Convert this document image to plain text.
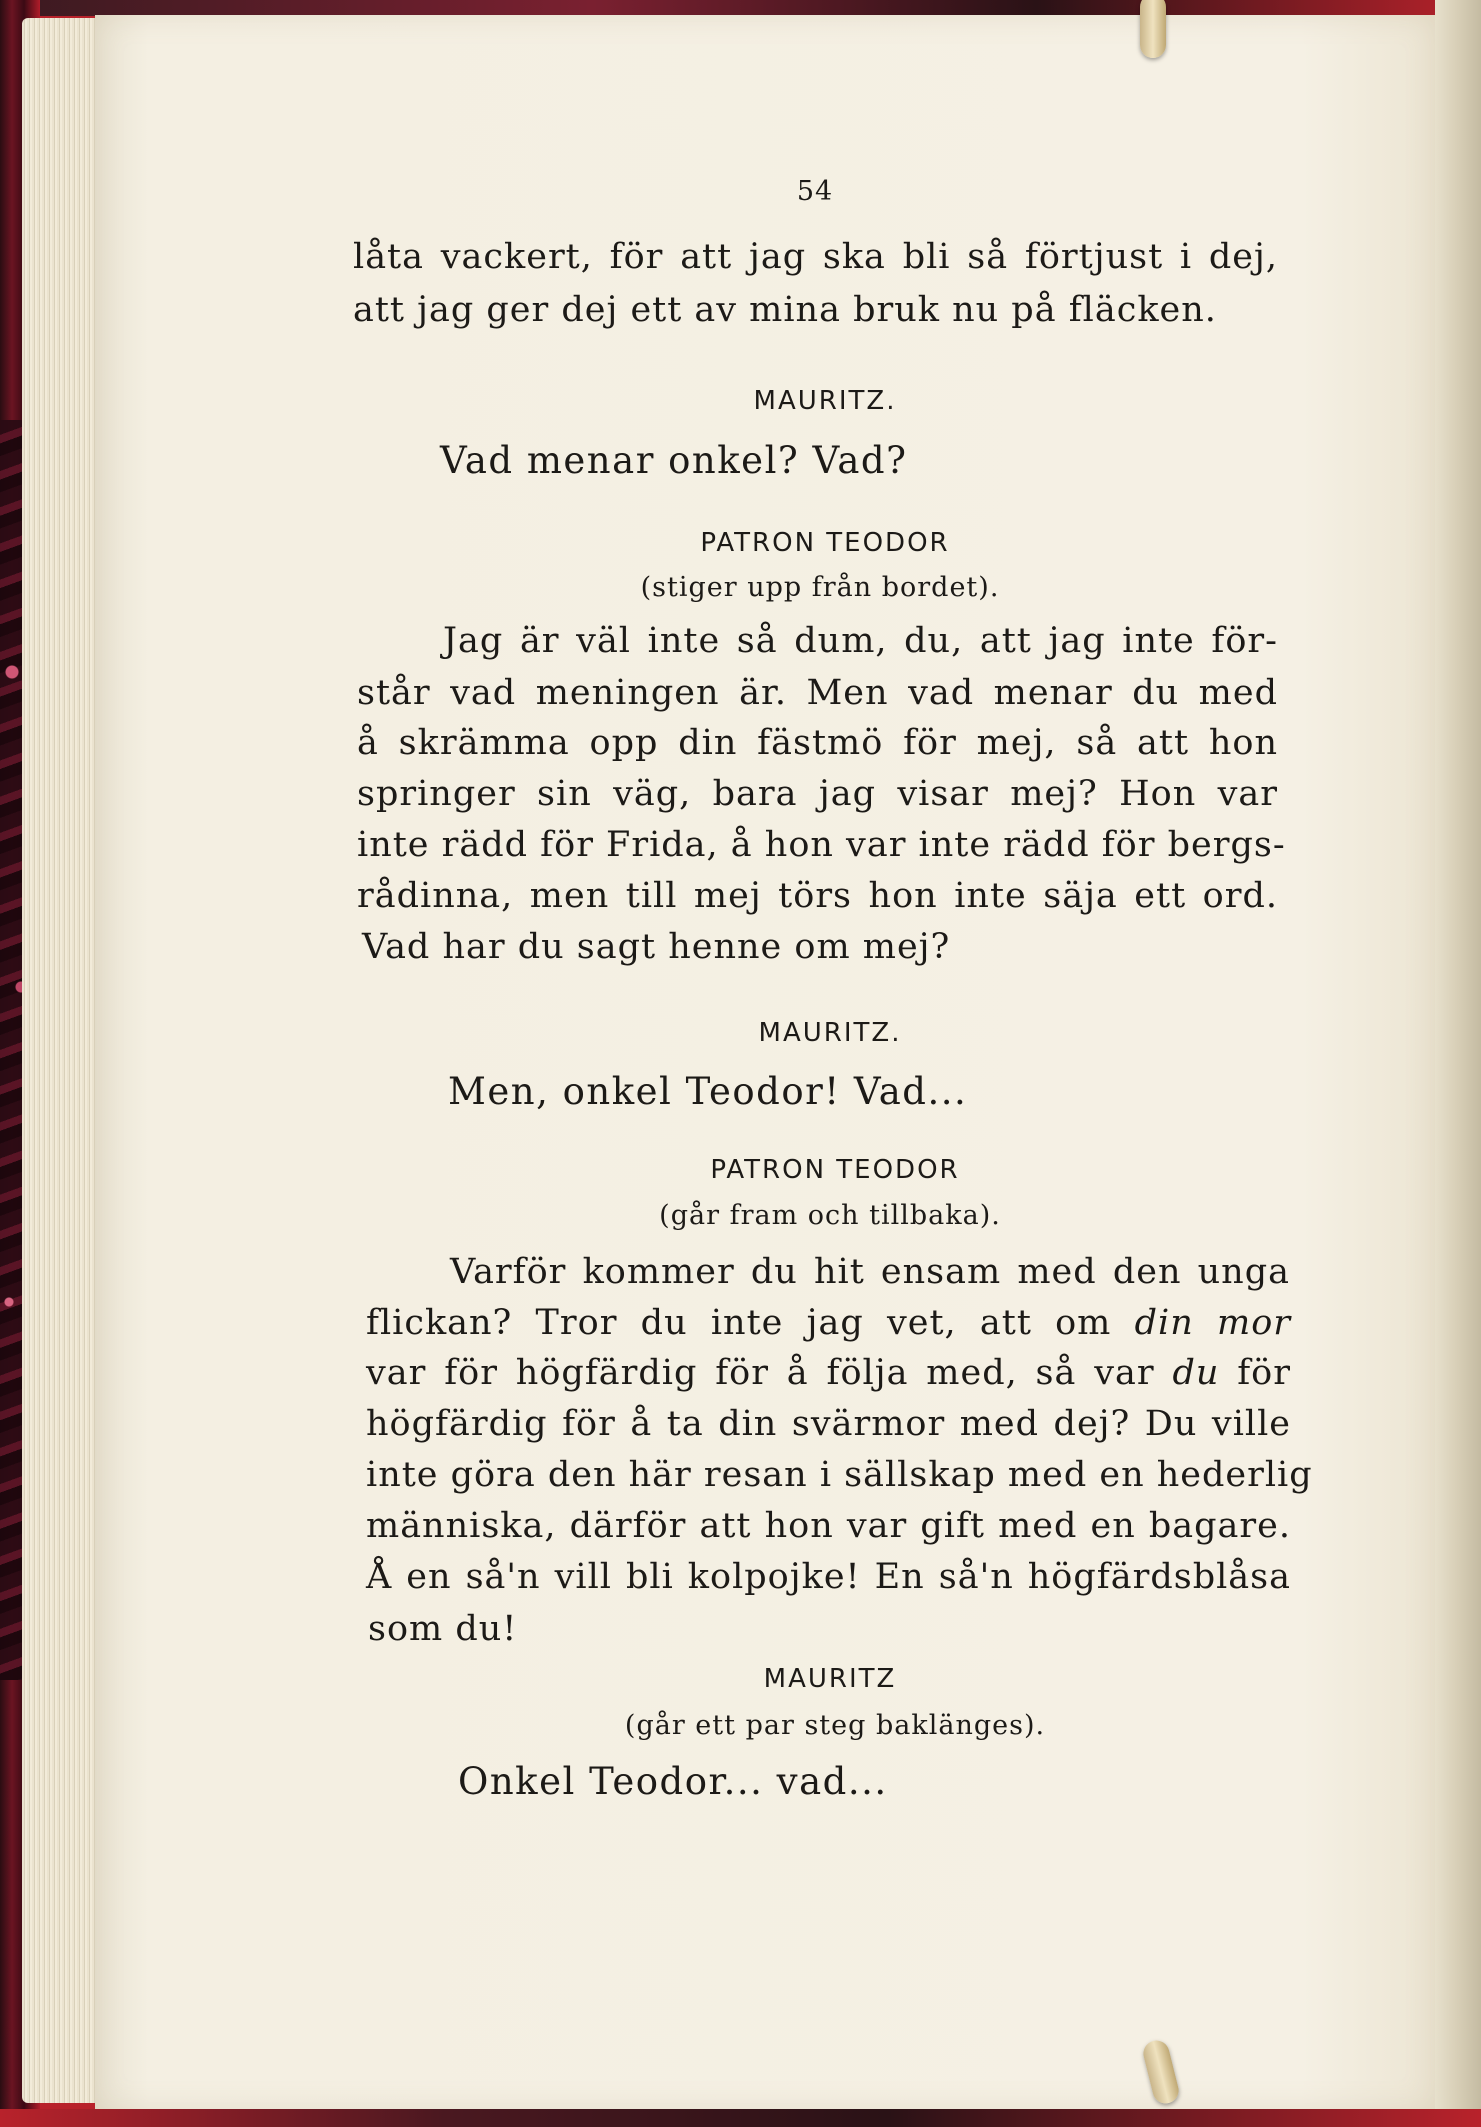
54
låta vackert, för att jag ska bli så förtjust i dej,
att jag ger dej ett av mina bruk nu på fläcken.
MAURITZ.
Vad menar onkel? Vad?
PATRON TEODOR
(stiger upp från bordet).
Jag är väl inte så dum, du, att jag inte för-
står vad meningen är. Men vad menar du med
å skrämma opp din fästmö för mej, så att hon
springer sin väg, bara jag visar mej? Hon var
inte rädd för Frida, å hon var inte rädd för bergs-
rådinna, men till mej törs hon inte säja ett ord.
Vad har du sagt henne om mej?
MAURITZ.
Men, onkel Teodor! Vad...
PATRON TEODOR
(går fram och tillbaka).
Varför kommer du hit ensam med den unga
flickan? Tror du inte jag vet, att om din mor
var för högfärdig för å följa med, så var du för
högfärdig för å ta din svärmor med dej? Du ville
inte göra den här resan i sällskap med en hederlig
människa, därför att hon var gift med en bagare.
Å en så'n vill bli kolpojke! En så'n högfärdsblåsa
som du!
MAURITZ
(går ett par steg baklänges).
Onkel Teodor... vad...
